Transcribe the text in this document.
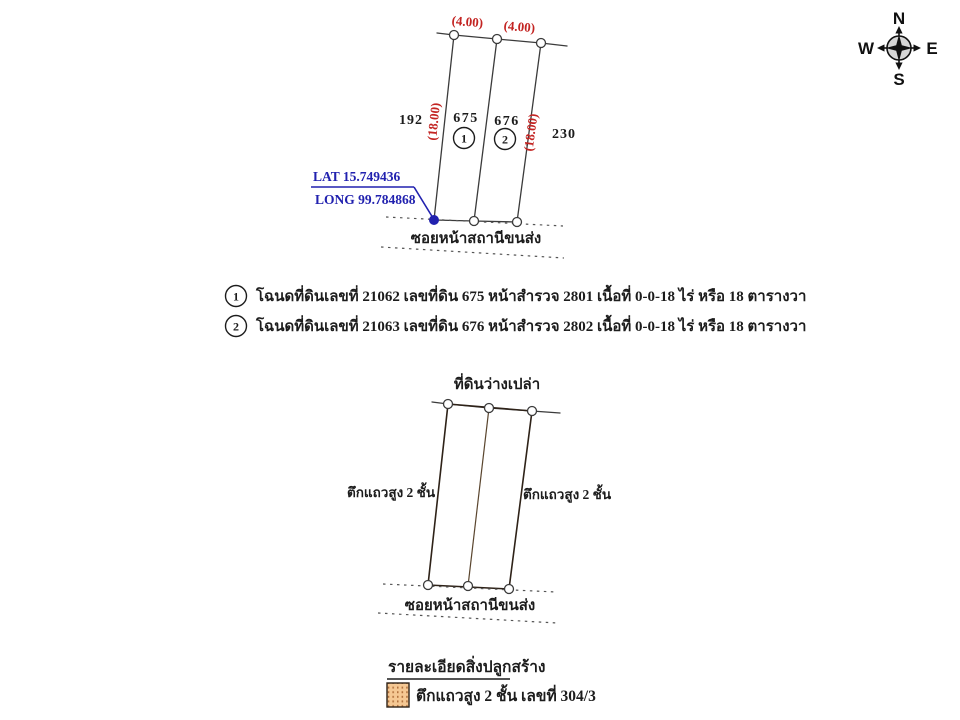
LAT 15.749436
LONG 99.784868
(4.00) (4.00)
(18.00)	(18.00)
192
230
675 676
1	2
ซอยหน้าสถานีขนส่ง
N
W	E
S
1 โฉนดที่ดินเลขที่ 21062 เลขที่ดิน 675 หน้าสำรวจ 2801 เนื้อที่ 0-0-18 ไร่ หรือ 18 ตารางวา
2 โฉนดที่ดินเลขที่ 21063 เลขที่ดิน 676 หน้าสำรวจ 2802 เนื้อที่ 0-0-18 ไร่ หรือ 18 ตารางวา
ที่ดินว่างเปล่า
ตึกแถวสูง 2 ชั้น	ตึกแถวสูง 2 ชั้น
ซอยหน้าสถานีขนส่ง
รายละเอียดสิ่งปลูกสร้าง
ตึกแถวสูง 2 ชั้น เลขที่ 304/3
